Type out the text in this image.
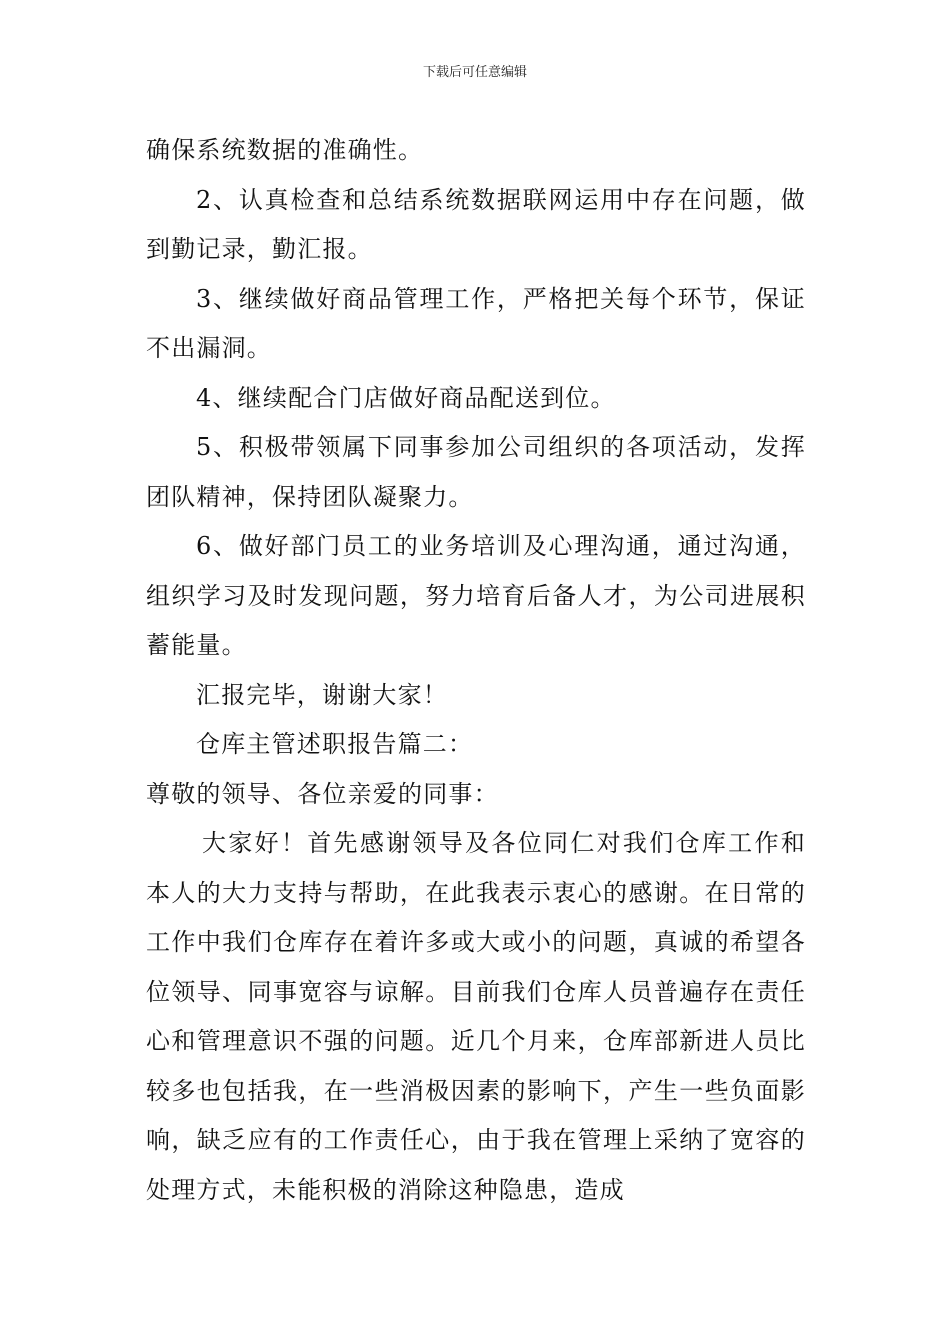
下载后可任意编辑

确保系统数据的准确性。

2、认真检查和总结系统数据联网运用中存在问题，做到勤记录，勤汇报。

3、继续做好商品管理工作，严格把关每个环节，保证不出漏洞。

4、继续配合门店做好商品配送到位。

5、积极带领属下同事参加公司组织的各项活动，发挥团队精神，保持团队凝聚力。

6、做好部门员工的业务培训及心理沟通，通过沟通，组织学习及时发现问题，努力培育后备人才，为公司进展积蓄能量。

汇报完毕，谢谢大家！

仓库主管述职报告篇二：

尊敬的领导、各位亲爱的同事：

大家好！首先感谢领导及各位同仁对我们仓库工作和本人的大力支持与帮助，在此我表示衷心的感谢。在日常的工作中我们仓库存在着许多或大或小的问题，真诚的希望各位领导、同事宽容与谅解。目前我们仓库人员普遍存在责任心和管理意识不强的问题。近几个月来，仓库部新进人员比较多也包括我，在一些消极因素的影响下，产生一些负面影响，缺乏应有的工作责任心，由于我在管理上采纳了宽容的处理方式，未能积极的消除这种隐患，造成
